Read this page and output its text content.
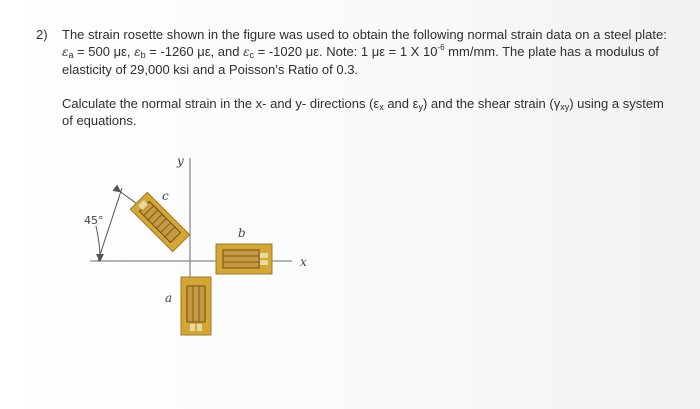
2) The strain rosette shown in the figure was used to obtain the following normal strain data on a steel plate: $\varepsilon_a = 500$ με, $\varepsilon_b = -1260$ με, and $\varepsilon_c = -1020$ με. Note: 1 με = 1 X $10^{-6}$ mm/mm. The plate has a modulus of elasticity of 29,000 ksi and a Poisson’s Ratio of 0.3.
Calculate the normal strain in the x- and y- directions ($\varepsilon_x$ and $\varepsilon_y$) and the shear strain $(\gamma_{xy})$ using a system of equations.
y
x
45°
c
b
a
